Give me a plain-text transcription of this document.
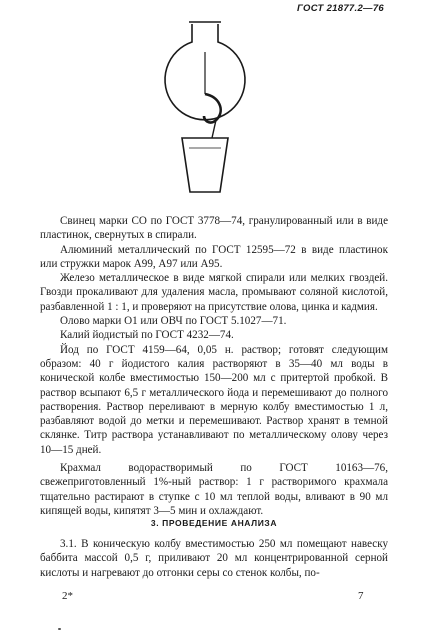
ГОСТ 21877.2—76

Свинец марки СО по ГОСТ 3778—74, гранулированный или в виде пластинок, свернутых в спирали.

Алюминий металлический по ГОСТ 12595—72 в виде пластинок или стружки марок А99, А97 или А95.

Железо металлическое в виде мягкой спирали или мелких гвоздей. Гвозди прокаливают для удаления масла, промывают соляной кислотой, разбавленной 1 : 1, и проверяют на присутствие олова, цинка и кадмия.

Олово марки О1 или ОВЧ по ГОСТ 5.1027—71.

Калий йодистый по ГОСТ 4232—74.

Йод по ГОСТ 4159—64, 0,05 н. раствор; готовят следующим образом: 40 г йодистого калия растворяют в 35—40 мл воды в конической колбе вместимостью 150—200 мл с притертой пробкой. В раствор всыпают 6,5 г металлического йода и перемешивают до полного растворения. Раствор переливают в мерную колбу вместимостью 1 л, разбавляют водой до метки и перемешивают. Раствор хранят в темной склянке. Титр раствора устанавливают по металлическому олову через 10—15 дней.

Крахмал водорастворимый по ГОСТ 10163—76, свежеприготовленный 1%-ный раствор: 1 г растворимого крахмала тщательно растирают в ступке с 10 мл теплой воды, вливают в 90 мл кипящей воды, кипятят 3—5 мин и охлаждают.

3. ПРОВЕДЕНИЕ АНАЛИЗА

3.1. В коническую колбу вместимостью 250 мл помещают навеску баббита массой 0,5 г, приливают 20 мл концентрированной серной кислоты и нагревают до отгонки серы со стенок колбы, по-

2*	7
